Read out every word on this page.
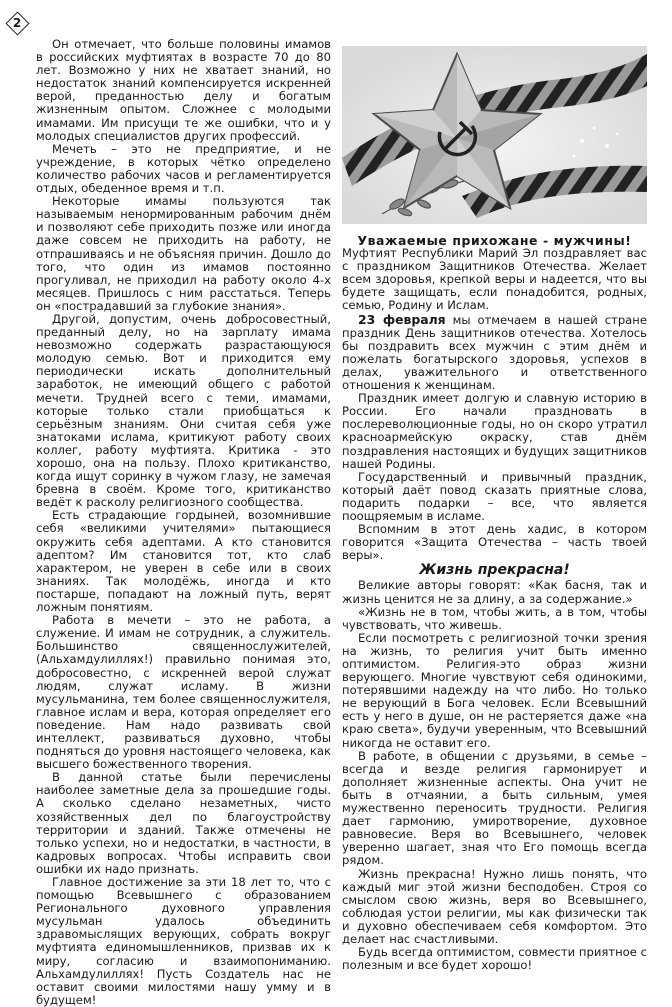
2

Он отмечает, что больше половины имамов в российских муфтиятах в возрасте 70 до 80 лет. Возможно у них не хватает знаний, но недостаток знаний компенсируется искренней верой, преданностью делу и богатым жизненным опытом. Сложнее с молодыми имамами. Им присущи те же ошибки, что и у молодых специалистов других профессий.

Мечеть – это не предприятие, и не учреждение, в которых чётко определено количество рабочих часов и регламентируется отдых, обеденное время и т.п.

Некоторые имамы пользуются так называемым ненормированным рабочим днём и позволяют себе приходить позже или иногда даже совсем не приходить на работу, не отпрашиваясь и не объясняя причин. Дошло до того, что один из имамов постоянно прогуливал, не приходил на работу около 4-х месяцев. Пришлось с ним расстаться. Теперь он «пострадавший за глубокие знания».

Другой, допустим, очень добросовестный, преданный делу, но на зарплату имама невозможно содержать разрастающуюся молодую семью. Вот и приходится ему периодически искать дополнительный заработок, не имеющий общего с работой мечети. Трудней всего с теми, имамами, которые только стали приобщаться к серьёзным знаниям. Они считая себя уже знатоками ислама, критикуют работу своих коллег, работу муфтията. Критика - это хорошо, она на пользу. Плохо критиканство, когда ищут соринку в чужом глазу, не замечая бревна в своём. Кроме того, критиканство ведёт к расколу религиозного сообщества.

Есть страдающие гордыней, возомнившие себя «великими учителями» пытающиеся окружить себя адептами. А кто становится адептом? Им становится тот, кто слаб характером, не уверен в себе или в своих знаниях. Так молодёжь, иногда и кто постарше, попадают на ложный путь, верят ложным понятиям.

Работа в мечети – это не работа, а служение. И имам не сотрудник, а служитель. Большинство священнослужителей, (Альхамдулиллях!) правильно понимая это, добросовестно, с искренней верой служат людям, служат исламу. В жизни мусульманина, тем более священнослужителя, главное ислам и вера, которая определяет его поведение. Нам надо развивать свой интеллект, развиваться духовно, чтобы подняться до уровня настоящего человека, как высшего божественного творения.

В данной статье были перечислены наиболее заметные дела за прошедшие годы. А сколько сделано незаметных, чисто хозяйственных дел по благоустройству территории и зданий. Также отмечены не только успехи, но и недостатки, в частности, в кадровых вопросах. Чтобы исправить свои ошибки их надо признать.

Главное достижение за эти 18 лет то, что с помощью Всевышнего с образованием Регионального духовного управления мусульман удалось объединить здравомыслящих верующих, собрать вокруг муфтията единомышленников, призвав их к миру, согласию и взаимопониманию. Альхамдулиллях! Пусть Создатель нас не оставит своими милостями нашу умму и в будущем!

Уважаемые прихожане - мужчины!

Муфтият Республики Марий Эл поздравляет вас с праздником Защитников Отечества. Желает всем здоровья, крепкой веры и надеется, что вы будете защищать, если понадобится, родных, семью, Родину и Ислам.

23 февраля мы отмечаем в нашей стране праздник День защитников отечества. Хотелось бы поздравить всех мужчин с этим днём и пожелать богатырского здоровья, успехов в делах, уважительного и ответственного отношения к женщинам.

Праздник имеет долгую и славную историю в России. Его начали праздновать в послереволюционные годы, но он скоро утратил красноармейскую окраску, став днём поздравления настоящих и будущих защитников нашей Родины.

Государственный и привычный праздник, который даёт повод сказать приятные слова, подарить подарки – все, что является поощряемым в исламе.

Вспомним в этот день хадис, в котором говорится «Защита Отечества – часть твоей веры».

Жизнь прекрасна!

Великие авторы говорят: «Как басня, так и жизнь ценится не за длину, а за содержание.»

«Жизнь не в том, чтобы жить, а в том, чтобы чувствовать, что живешь.

Если посмотреть с религиозной точки зрения на жизнь, то религия учит быть именно оптимистом. Религия-это образ жизни верующего. Многие чувствуют себя одинокими, потерявшими надежду на что либо. Но только не верующий в Бога человек. Если Всевышний есть у него в душе, он не растеряется даже «на краю света», будучи уверенным, что Всевышний никогда не оставит его.

В работе, в общении с друзьями, в семье – всегда и везде религия гармонирует и дополняет жизненные аспекты. Она учит не быть в отчаянии, а быть сильным, умея мужественно переносить трудности. Религия дает гармонию, умиротворение, духовное равновесие. Веря во Всевышнего, человек уверенно шагает, зная что Его помощь всегда рядом.

Жизнь прекрасна! Нужно лишь понять, что каждый миг этой жизни бесподобен. Строя со смыслом свою жизнь, веря во Всевышнего, соблюдая устои религии, мы как физически так и духовно обеспечиваем себя комфортом. Это делает нас счастливыми.

Будь всегда оптимистом, совмести приятное с полезным и все будет хорошо!
